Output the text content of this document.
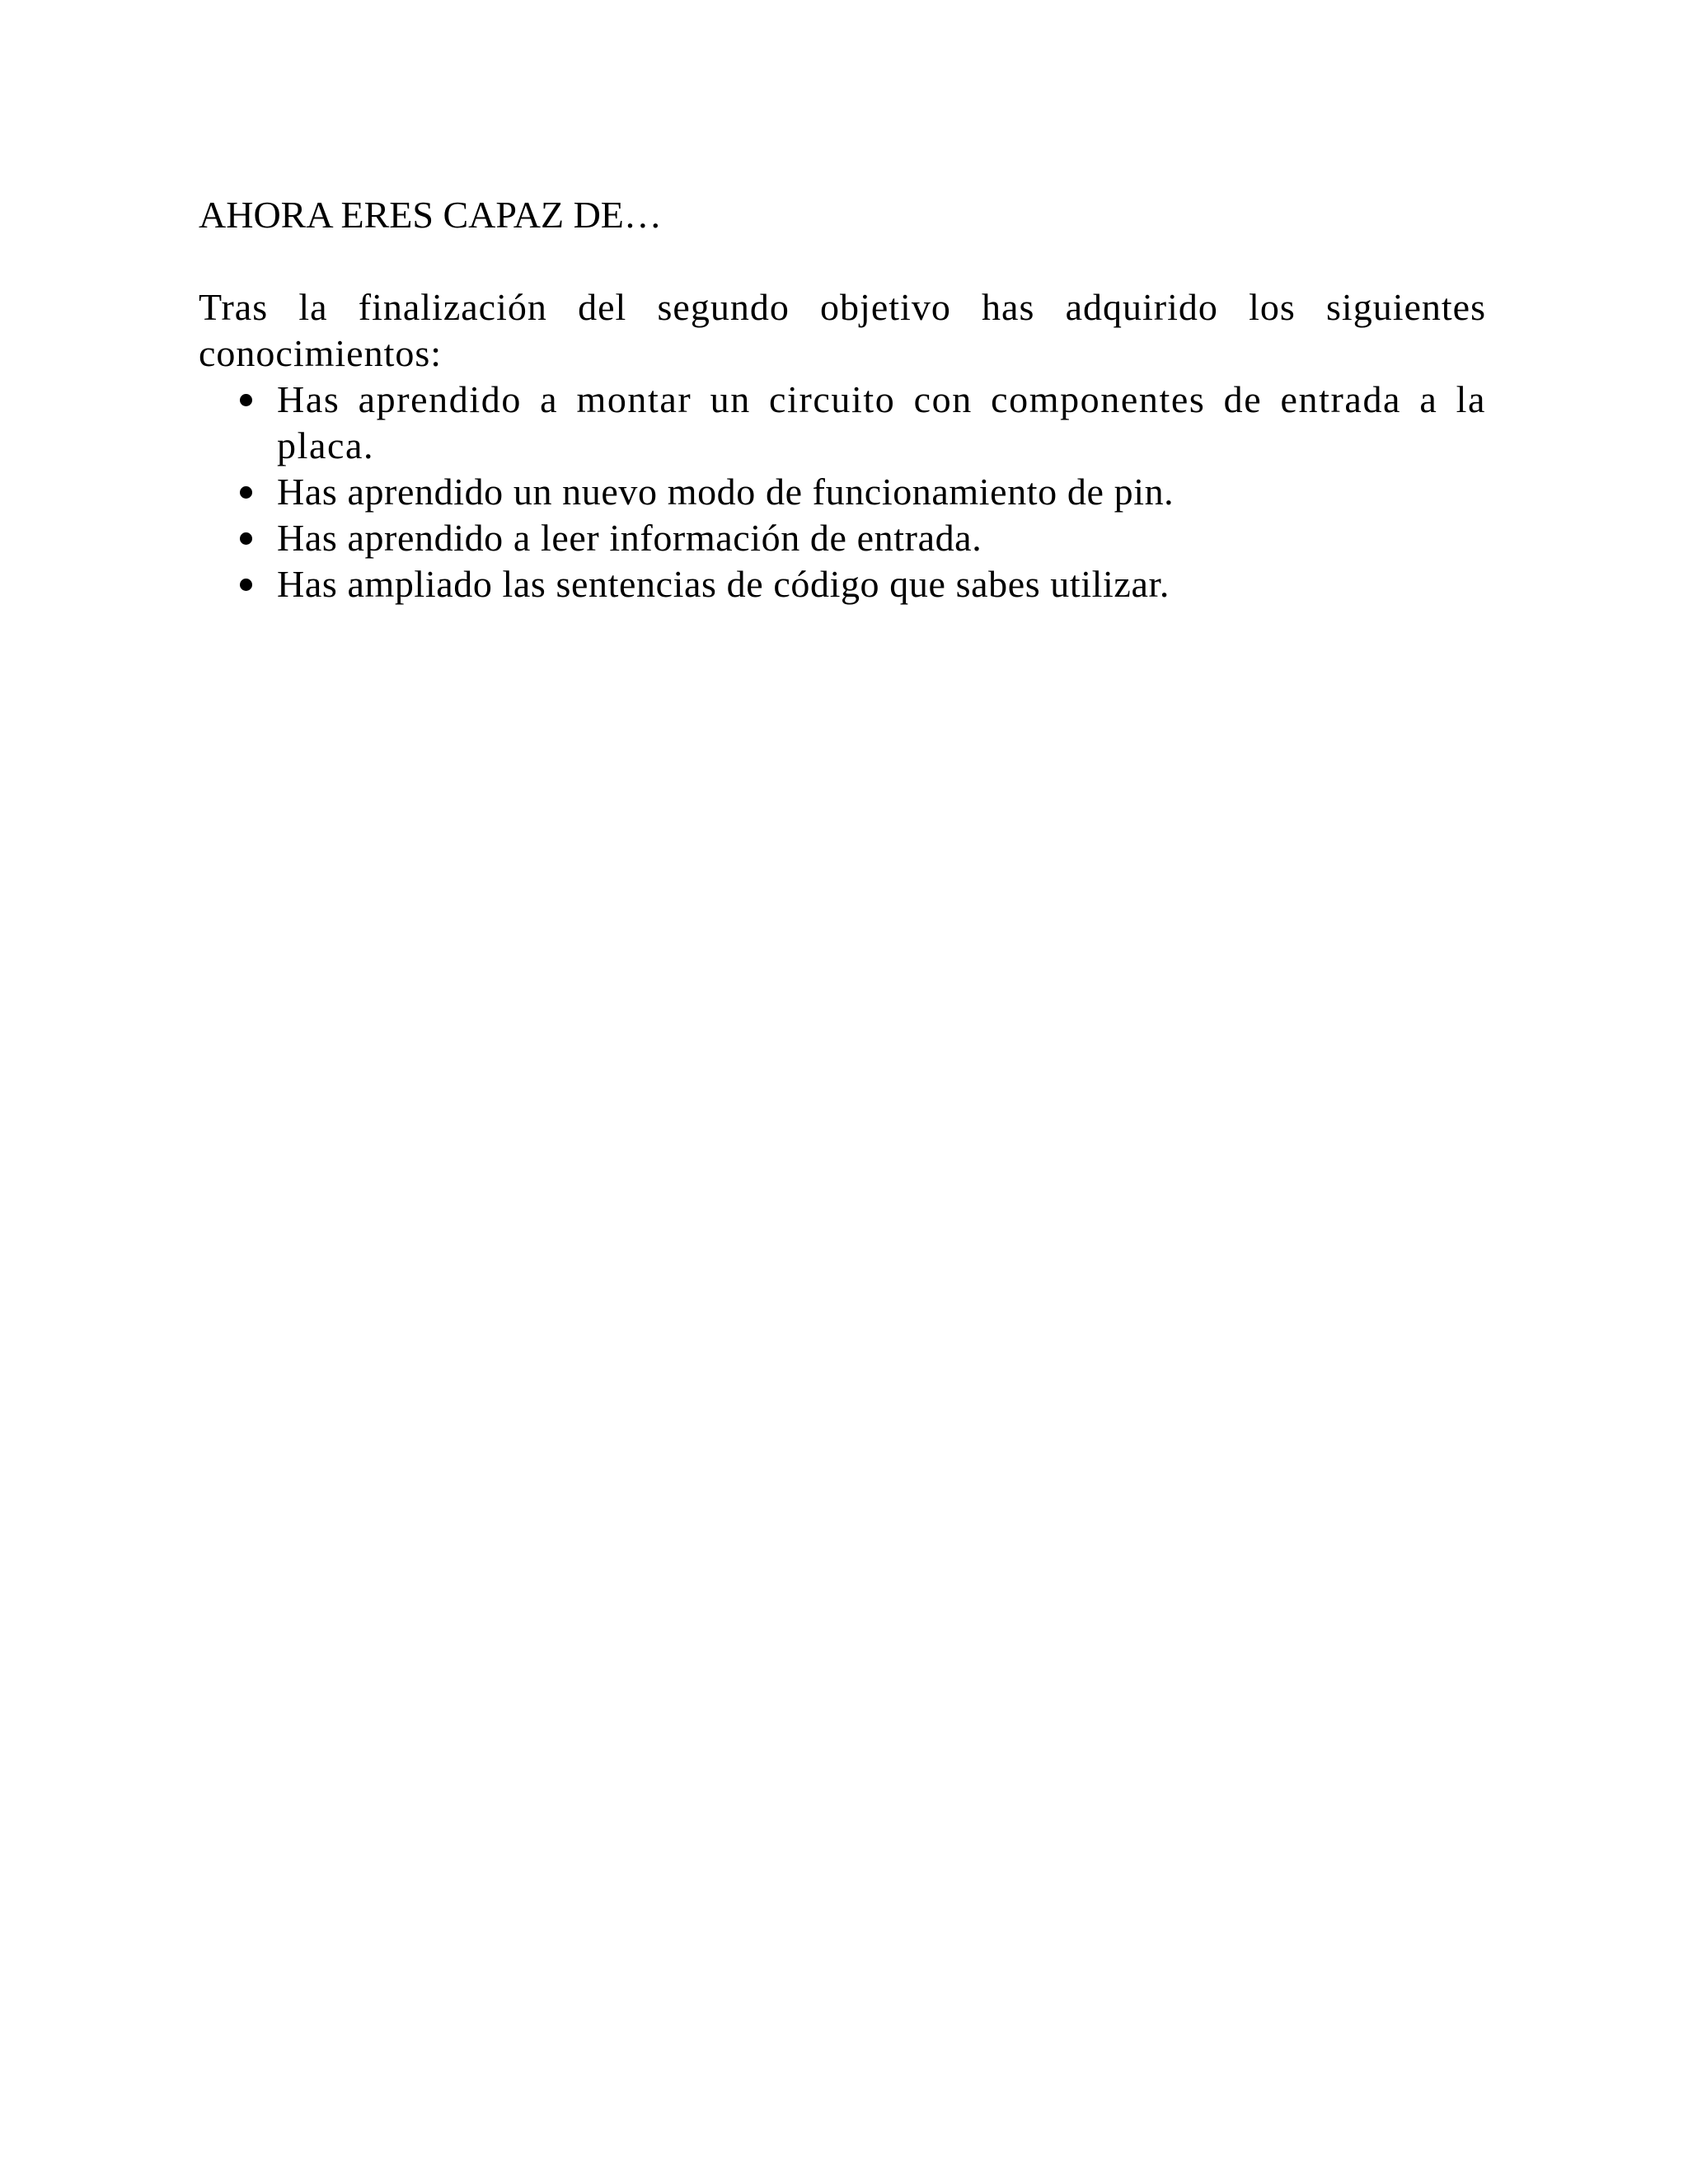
AHORA ERES CAPAZ DE…

Tras la finalización del segundo objetivo has adquirido los siguientes conocimientos:

Has aprendido a montar un circuito con componentes de entrada a la placa.
Has aprendido un nuevo modo de funcionamiento de pin.
Has aprendido a leer información de entrada.
Has ampliado las sentencias de código que sabes utilizar.
